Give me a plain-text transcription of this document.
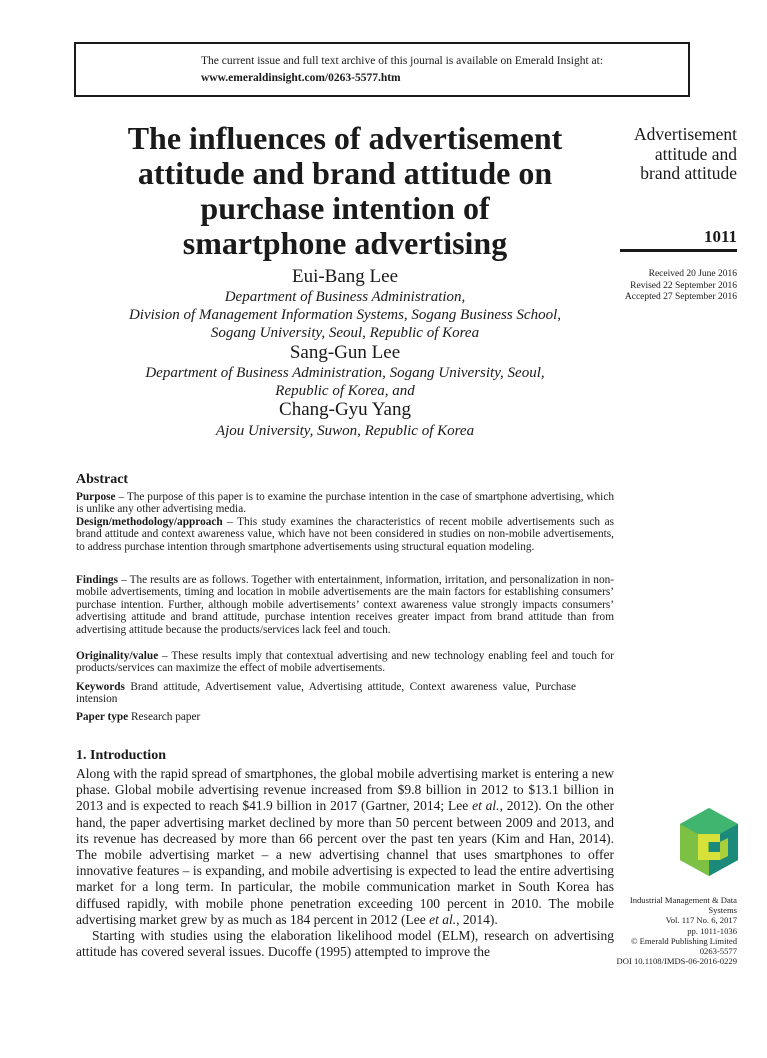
The current issue and full text archive of this journal is available on Emerald Insight at:
www.emeraldinsight.com/0263-5577.htm
The influences of advertisement
attitude and brand attitude on
purchase intention of
smartphone advertising
Eui-Bang Lee
Department of Business Administration,
Division of Management Information Systems, Sogang Business School,
Sogang University, Seoul, Republic of Korea
Sang-Gun Lee
Department of Business Administration, Sogang University, Seoul,
Republic of Korea, and
Chang-Gyu Yang
Ajou University, Suwon, Republic of Korea
Advertisement
attitude and
brand attitude
1011
Received 20 June 2016
Revised 22 September 2016
Accepted 27 September 2016
Abstract
Purpose – The purpose of this paper is to examine the purchase intention in the case of smartphone advertising, which is unlike any other advertising media.
Design/methodology/approach – This study examines the characteristics of recent mobile advertisements such as brand attitude and context awareness value, which have not been considered in studies on non-mobile advertisements, to address purchase intention through smartphone advertisements using structural equation modeling.
Findings – The results are as follows. Together with entertainment, information, irritation, and personalization in non-mobile advertisements, timing and location in mobile advertisements are the main factors for establishing consumers’ purchase intention. Further, although mobile advertisements’ context awareness value strongly impacts consumers’ advertising attitude and brand attitude, purchase intention receives greater impact from brand attitude than from advertising attitude because the products/services lack feel and touch.
Originality/value – These results imply that contextual advertising and new technology enabling feel and touch for products/services can maximize the effect of mobile advertisements.
Keywords Brand attitude, Advertisement value, Advertising attitude, Context awareness value, Purchase intension
Paper type Research paper
1. Introduction

Along with the rapid spread of smartphones, the global mobile advertising market is entering a new phase. Global mobile advertising revenue increased from $9.8 billion in 2012 to $13.1 billion in 2013 and is expected to reach $41.9 billion in 2017 (Gartner, 2014; Lee et al., 2012). On the other hand, the paper advertising market declined by more than 50 percent between 2009 and 2013, and its revenue has decreased by more than 66 percent over the past ten years (Kim and Han, 2014). The mobile advertising market – a new advertising channel that uses smartphones to offer innovative features – is expanding, and mobile advertising is expected to lead the entire advertising market for a long term. In particular, the mobile communication market in South Korea has diffused rapidly, with mobile phone penetration exceeding 100 percent in 2010. The mobile advertising market grew by as much as 184 percent in 2012 (Lee et al., 2014).

Starting with studies using the elaboration likelihood model (ELM), research on advertising attitude has covered several issues. Ducoffe (1995) attempted to improve the

Industrial Management & Data
Systems
Vol. 117 No. 6, 2017
pp. 1011-1036
© Emerald Publishing Limited
0263-5577
DOI 10.1108/IMDS-06-2016-0229
